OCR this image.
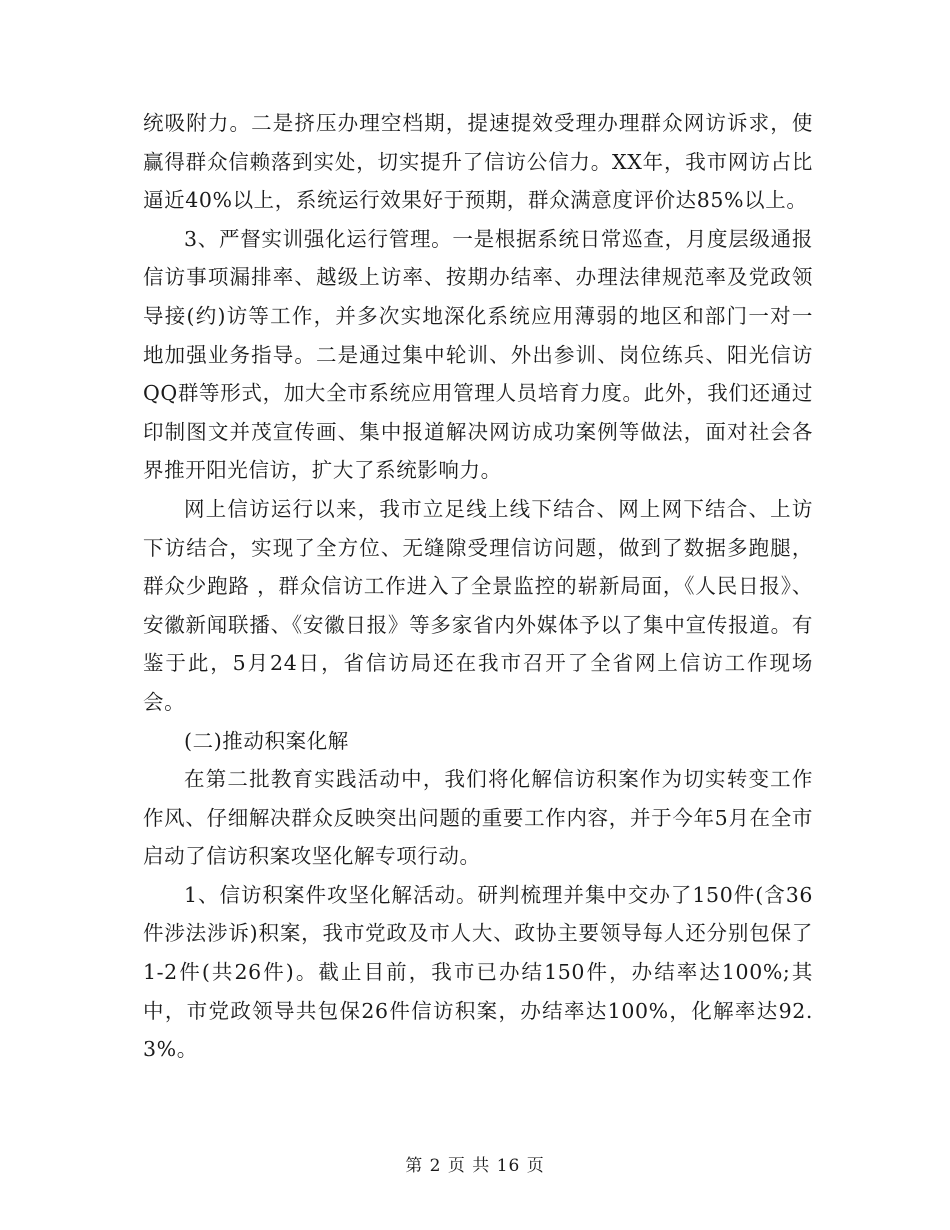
统吸附力。二是挤压办理空档期，提速提效受理办理群众网访诉求，使赢得群众信赖落到实处，切实提升了信访公信力。XX年，我市网访占比逼近40%以上，系统运行效果好于预期，群众满意度评价达85%以上。

3、严督实训强化运行管理。一是根据系统日常巡查，月度层级通报信访事项漏排率、越级上访率、按期办结率、办理法律规范率及党政领导接(约)访等工作，并多次实地深化系统应用薄弱的地区和部门一对一地加强业务指导。二是通过集中轮训、外出参训、岗位练兵、阳光信访QQ群等形式，加大全市系统应用管理人员培育力度。此外，我们还通过印制图文并茂宣传画、集中报道解决网访成功案例等做法，面对社会各界推开阳光信访，扩大了系统影响力。

网上信访运行以来，我市立足线上线下结合、网上网下结合、上访下访结合，实现了全方位、无缝隙受理信访问题，做到了数据多跑腿，群众少跑路 ，群众信访工作进入了全景监控的崭新局面，《人民日报》、安徽新闻联播、《安徽日报》等多家省内外媒体予以了集中宣传报道。有鉴于此，5月24日，省信访局还在我市召开了全省网上信访工作现场会。

(二)推动积案化解

在第二批教育实践活动中，我们将化解信访积案作为切实转变工作作风、仔细解决群众反映突出问题的重要工作内容，并于今年5月在全市启动了信访积案攻坚化解专项行动。

1、信访积案件攻坚化解活动。研判梳理并集中交办了150件(含36件涉法涉诉)积案，我市党政及市人大、政协主要领导每人还分别包保了1-2件(共26件)。截止目前，我市已办结150件，办结率达100%;其中，市党政领导共包保26件信访积案，办结率达100%，化解率达92.3%。

第 2 页 共 16 页
